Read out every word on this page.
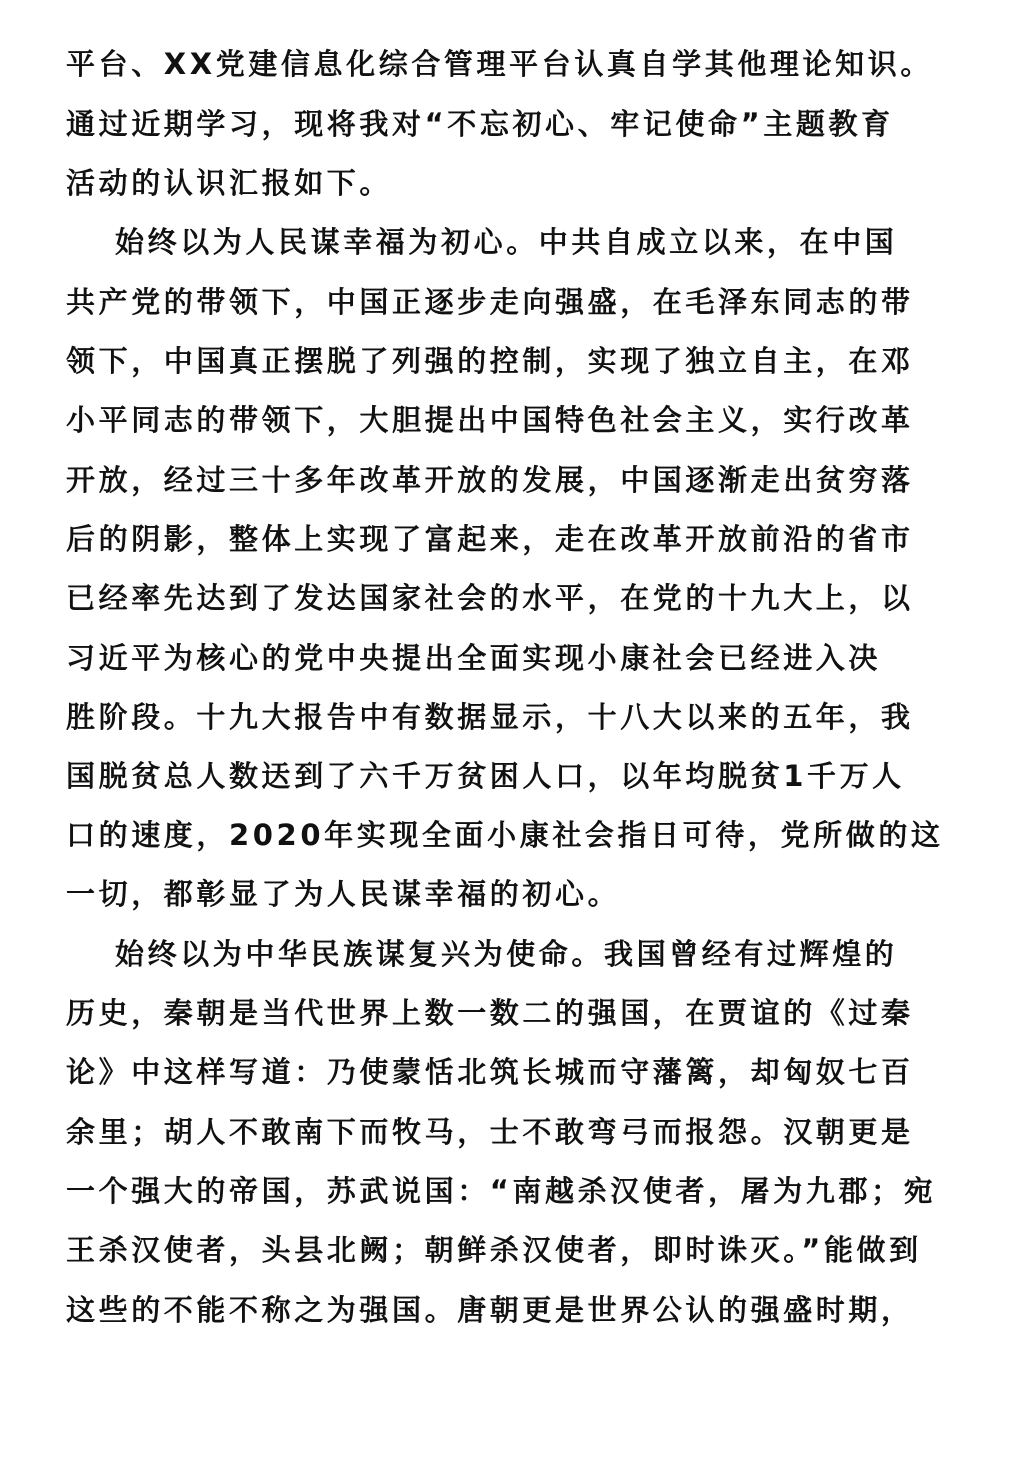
平台、XX党建信息化综合管理平台认真自学其他理论知识。
通过近期学习，现将我对“不忘初心、牢记使命”主题教育
活动的认识汇报如下。
始终以为人民谋幸福为初心。中共自成立以来，在中国
共产党的带领下，中国正逐步走向强盛，在毛泽东同志的带
领下，中国真正摆脱了列强的控制，实现了独立自主，在邓
小平同志的带领下，大胆提出中国特色社会主义，实行改革
开放，经过三十多年改革开放的发展，中国逐渐走出贫穷落
后的阴影，整体上实现了富起来，走在改革开放前沿的省市
已经率先达到了发达国家社会的水平，在党的十九大上，以
习近平为核心的党中央提出全面实现小康社会已经进入决
胜阶段。十九大报告中有数据显示，十八大以来的五年，我
国脱贫总人数迗到了六千万贫困人口，以年均脱贫1千万人
口的速度，2020年实现全面小康社会指日可待，党所做的这
一切，都彰显了为人民谋幸福的初心。
始终以为中华民族谋复兴为使命。我国曾经有过辉煌的
历史，秦朝是当代世界上数一数二的强国，在贾谊的《过秦
论》中这样写道：乃使蒙恬北筑长城而守藩篱，却匈奴七百
余里；胡人不敢南下而牧马，士不敢弯弓而报怨。汉朝更是
一个强大的帝国，苏武说国：“南越杀汉使者，屠为九郡；宛
王杀汉使者，头县北阙；朝鲜杀汉使者，即时诛灭。”能做到
这些的不能不称之为强国。唐朝更是世界公认的强盛时期，
